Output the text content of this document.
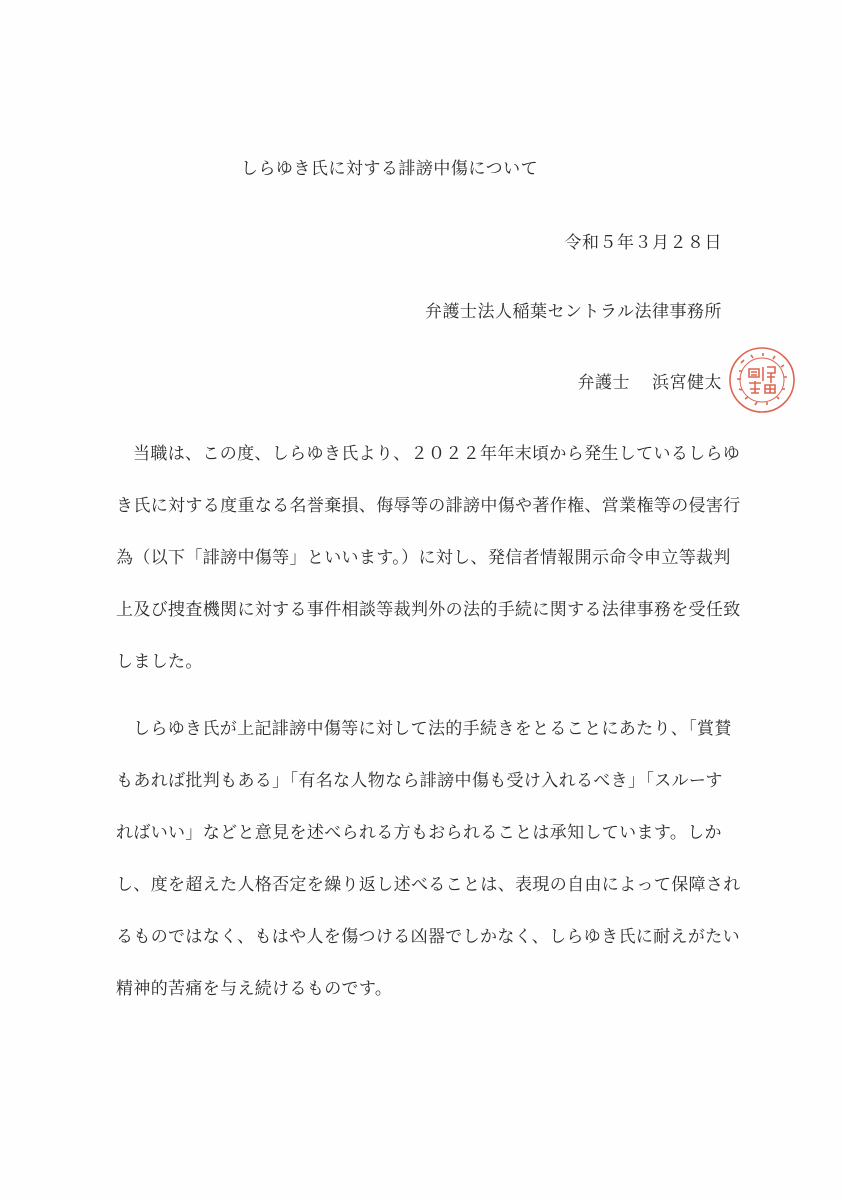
しらゆき氏に対する誹謗中傷について
令和５年３月２８日
弁護士法人稲葉セントラル法律事務所
弁護士 浜宮健太
当職は、この度、しらゆき氏より、２０２２年年末頃から発生しているしらゆ
き氏に対する度重なる名誉棄損、侮辱等の誹謗中傷や著作権、営業権等の侵害行
為（以下「誹謗中傷等」といいます。）に対し、発信者情報開示命令申立等裁判
上及び捜査機関に対する事件相談等裁判外の法的手続に関する法律事務を受任致
しました。
しらゆき氏が上記誹謗中傷等に対して法的手続きをとることにあたり、「賞賛
もあれば批判もある」「有名な人物なら誹謗中傷も受け入れるべき」「スルーす
ればいい」などと意見を述べられる方もおられることは承知しています。しか
し、度を超えた人格否定を繰り返し述べることは、表現の自由によって保障され
るものではなく、もはや人を傷つける凶器でしかなく、しらゆき氏に耐えがたい
精神的苦痛を与え続けるものです。
